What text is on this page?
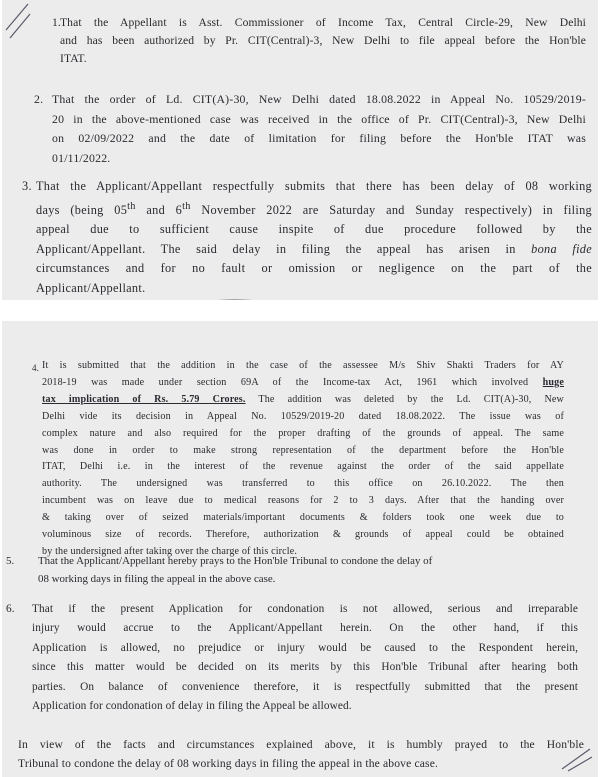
1. That the Appellant is Asst. Commissioner of Income Tax, Central Circle-29, New Delhi
and has been authorized by Pr. CIT(Central)-3, New Delhi to file appeal before the Hon'ble
ITAT.
2. That the order of Ld. CIT(A)-30, New Delhi dated 18.08.2022 in Appeal No. 10529/2019-
20 in the above-mentioned case was received in the office of Pr. CIT(Central)-3, New Delhi
on 02/09/2022 and the date of limitation for filing before the Hon'ble ITAT was
01/11/2022.
3. That the Applicant/Appellant respectfully submits that there has been delay of 08 working
days (being 05th and 6th November 2022 are Saturday and Sunday respectively) in filing
appeal due to sufficient cause inspite of due procedure followed by the
Applicant/Appellant. The said delay in filing the appeal has arisen in bona fide
circumstances and for no fault or omission or negligence on the part of the
Applicant/Appellant.
4. It is submitted that the addition in the case of the assessee M/s Shiv Shakti Traders for AY
2018-19 was made under section 69A of the Income-tax Act, 1961 which involved huge
tax implication of Rs. 5.79 Crores. The addition was deleted by the Ld. CIT(A)-30, New
Delhi vide its decision in Appeal No. 10529/2019-20 dated 18.08.2022. The issue was of
complex nature and also required for the proper drafting of the grounds of appeal. The same
was done in order to make strong representation of the department before the Hon'ble
ITAT, Delhi i.e. in the interest of the revenue against the order of the said appellate
authority. The undersigned was transferred to this office on 26.10.2022. The then
incumbent was on leave due to medical reasons for 2 to 3 days. After that the handing over
& taking over of seized materials/important documents & folders took one week due to
voluminous size of records. Therefore, authorization & grounds of appeal could be obtained
by the undersigned after taking over the charge of this circle.
5. That the Applicant/Appellant hereby prays to the Hon'ble Tribunal to condone the delay of
08 working days in filing the appeal in the above case.
6. That if the present Application for condonation is not allowed, serious and irreparable
injury would accrue to the Applicant/Appellant herein. On the other hand, if this
Application is allowed, no prejudice or injury would be caused to the Respondent herein,
since this matter would be decided on its merits by this Hon'ble Tribunal after hearing both
parties. On balance of convenience therefore, it is respectfully submitted that the present
Application for condonation of delay in filing the Appeal be allowed.
In view of the facts and circumstances explained above, it is humbly prayed to the Hon'ble
Tribunal to condone the delay of 08 working days in filing the appeal in the above case.
